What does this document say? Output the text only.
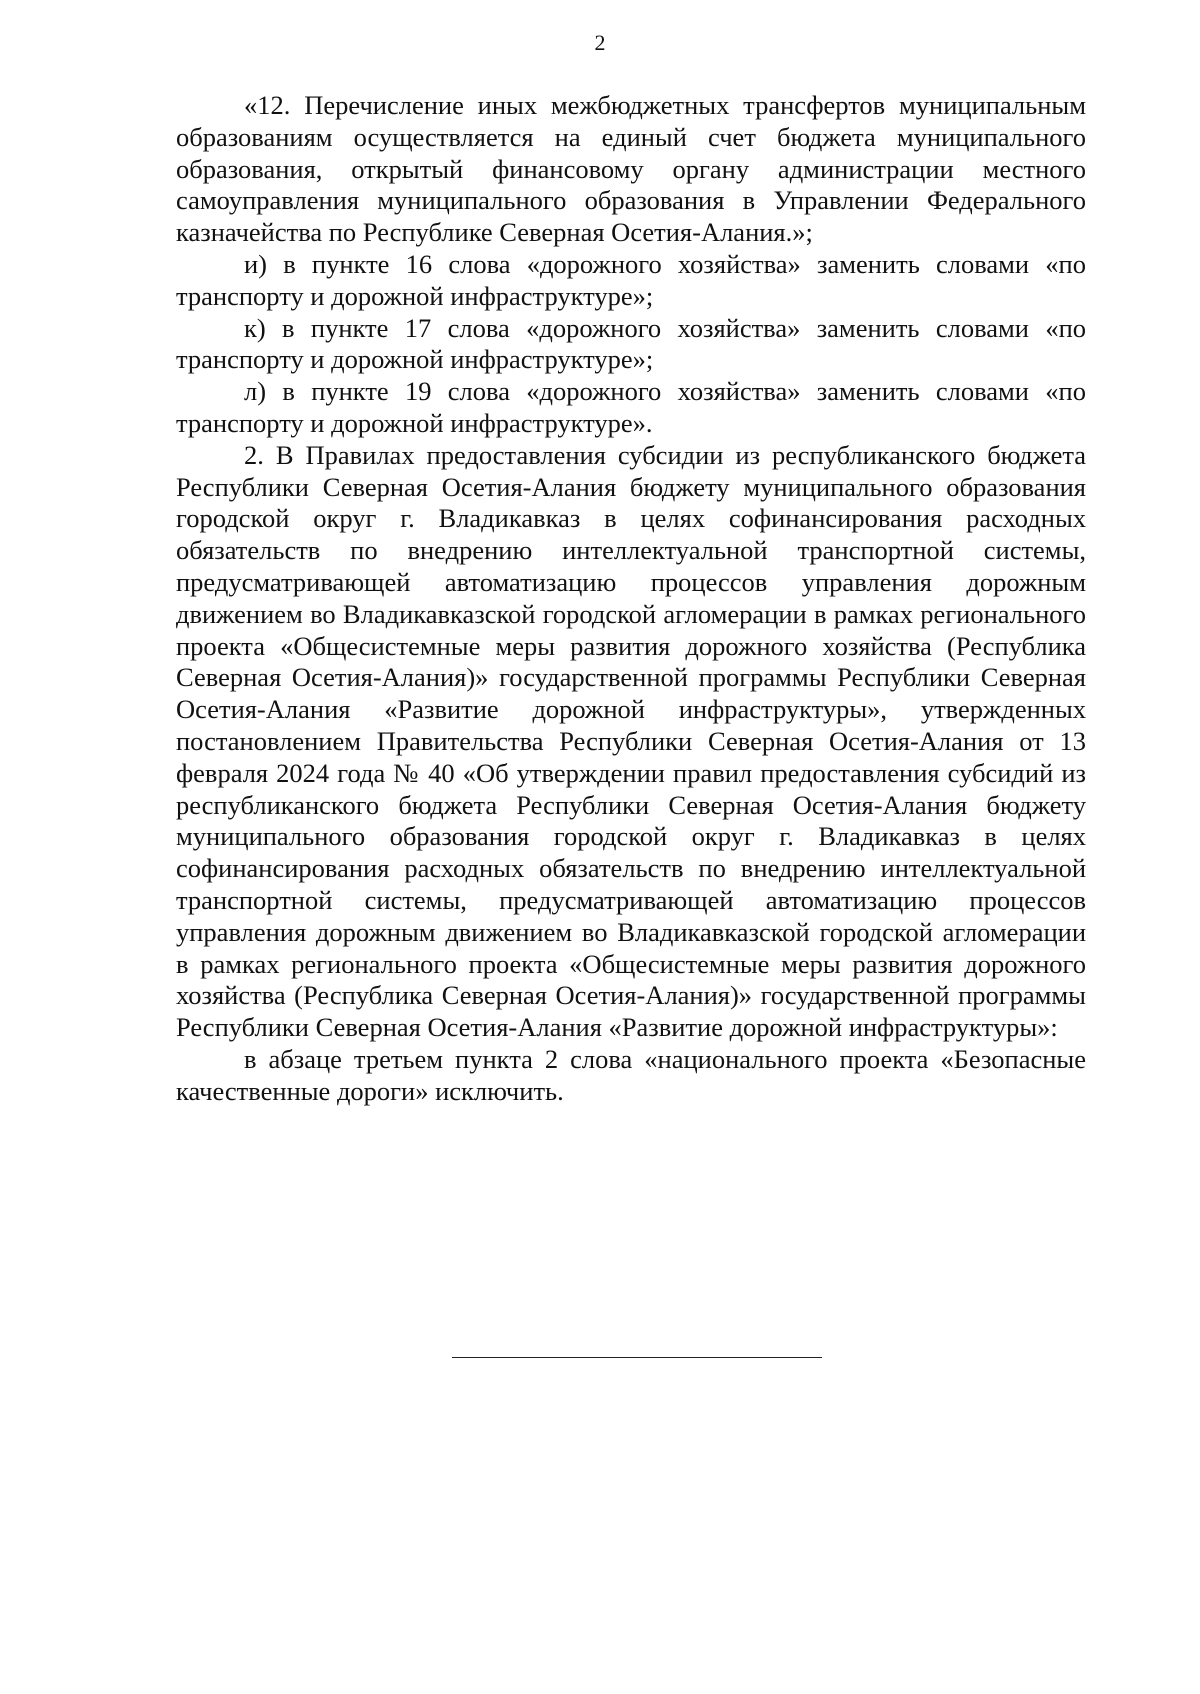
2

«12. Перечисление иных межбюджетных трансфертов муниципальным образованиям осуществляется на единый счет бюджета муниципального образования, открытый финансовому органу администрации местного самоуправления муниципального образования в Управлении Федерального казначейства по Республике Северная Осетия-Алания.»;

и) в пункте 16 слова «дорожного хозяйства» заменить словами «по транспорту и дорожной инфраструктуре»;

к) в пункте 17 слова «дорожного хозяйства» заменить словами «по транспорту и дорожной инфраструктуре»;

л) в пункте 19 слова «дорожного хозяйства» заменить словами «по транспорту и дорожной инфраструктуре».

2. В Правилах предоставления субсидии из республиканского бюджета Республики Северная Осетия-Алания бюджету муниципального образования городской округ г. Владикавказ в целях софинансирования расходных обязательств по внедрению интеллектуальной транспортной системы, предусматривающей автоматизацию процессов управления дорожным движением во Владикавказской городской агломерации в рамках регионального проекта «Общесистемные меры развития дорожного хозяйства (Республика Северная Осетия-Алания)» государственной программы Республики Северная Осетия-Алания «Развитие дорожной инфраструктуры», утвержденных постановлением Правительства Республики Северная Осетия-Алания от 13 февраля 2024 года № 40 «Об утверждении правил предоставления субсидий из республиканского бюджета Республики Северная Осетия-Алания бюджету муниципального образования городской округ г. Владикавказ в целях софинансирования расходных обязательств по внедрению интеллектуальной транспортной системы, предусматривающей автоматизацию процессов управления дорожным движением во Владикавказской городской агломерации в рамках регионального проекта «Общесистемные меры развития дорожного хозяйства (Республика Северная Осетия-Алания)» государственной программы Республики Северная Осетия-Алания «Развитие дорожной инфраструктуры»:

в абзаце третьем пункта 2 слова «национального проекта «Безопасные качественные дороги» исключить.
